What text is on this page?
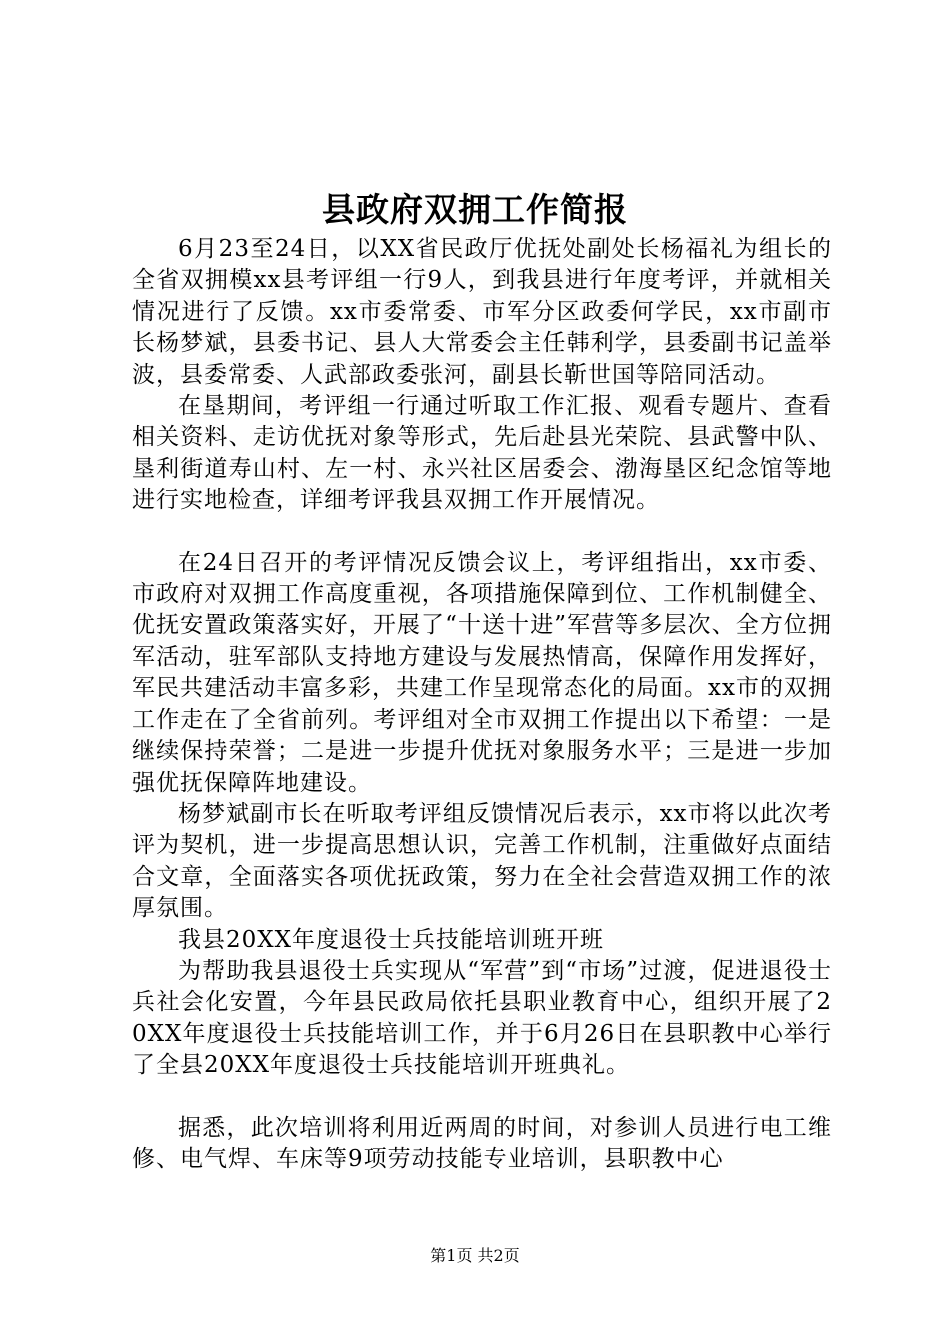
县政府双拥工作简报

6月23至24日，以XX省民政厅优抚处副处长杨福礼为组长的全省双拥模xx县考评组一行9人，到我县进行年度考评，并就相关情况进行了反馈。xx市委常委、市军分区政委何学民，xx市副市长杨梦斌，县委书记、县人大常委会主任韩利学，县委副书记盖举波，县委常委、人武部政委张河，副县长靳世国等陪同活动。

在垦期间，考评组一行通过听取工作汇报、观看专题片、查看相关资料、走访优抚对象等形式，先后赴县光荣院、县武警中队、垦利街道寿山村、左一村、永兴社区居委会、渤海垦区纪念馆等地进行实地检查，详细考评我县双拥工作开展情况。

在24日召开的考评情况反馈会议上，考评组指出，xx市委、市政府对双拥工作高度重视，各项措施保障到位、工作机制健全、优抚安置政策落实好，开展了“十送十进”军营等多层次、全方位拥军活动，驻军部队支持地方建设与发展热情高，保障作用发挥好，军民共建活动丰富多彩，共建工作呈现常态化的局面。xx市的双拥工作走在了全省前列。考评组对全市双拥工作提出以下希望：一是继续保持荣誉；二是进一步提升优抚对象服务水平；三是进一步加强优抚保障阵地建设。

杨梦斌副市长在听取考评组反馈情况后表示，xx市将以此次考评为契机，进一步提高思想认识，完善工作机制，注重做好点面结合文章，全面落实各项优抚政策，努力在全社会营造双拥工作的浓厚氛围。

我县20XX年度退役士兵技能培训班开班

为帮助我县退役士兵实现从“军营”到“市场”过渡，促进退役士兵社会化安置，今年县民政局依托县职业教育中心，组织开展了20XX年度退役士兵技能培训工作，并于6月26日在县职教中心举行了全县20XX年度退役士兵技能培训开班典礼。

据悉，此次培训将利用近两周的时间，对参训人员进行电工维修、电气焊、车床等9项劳动技能专业培训，县职教中心

第1页 共2页
